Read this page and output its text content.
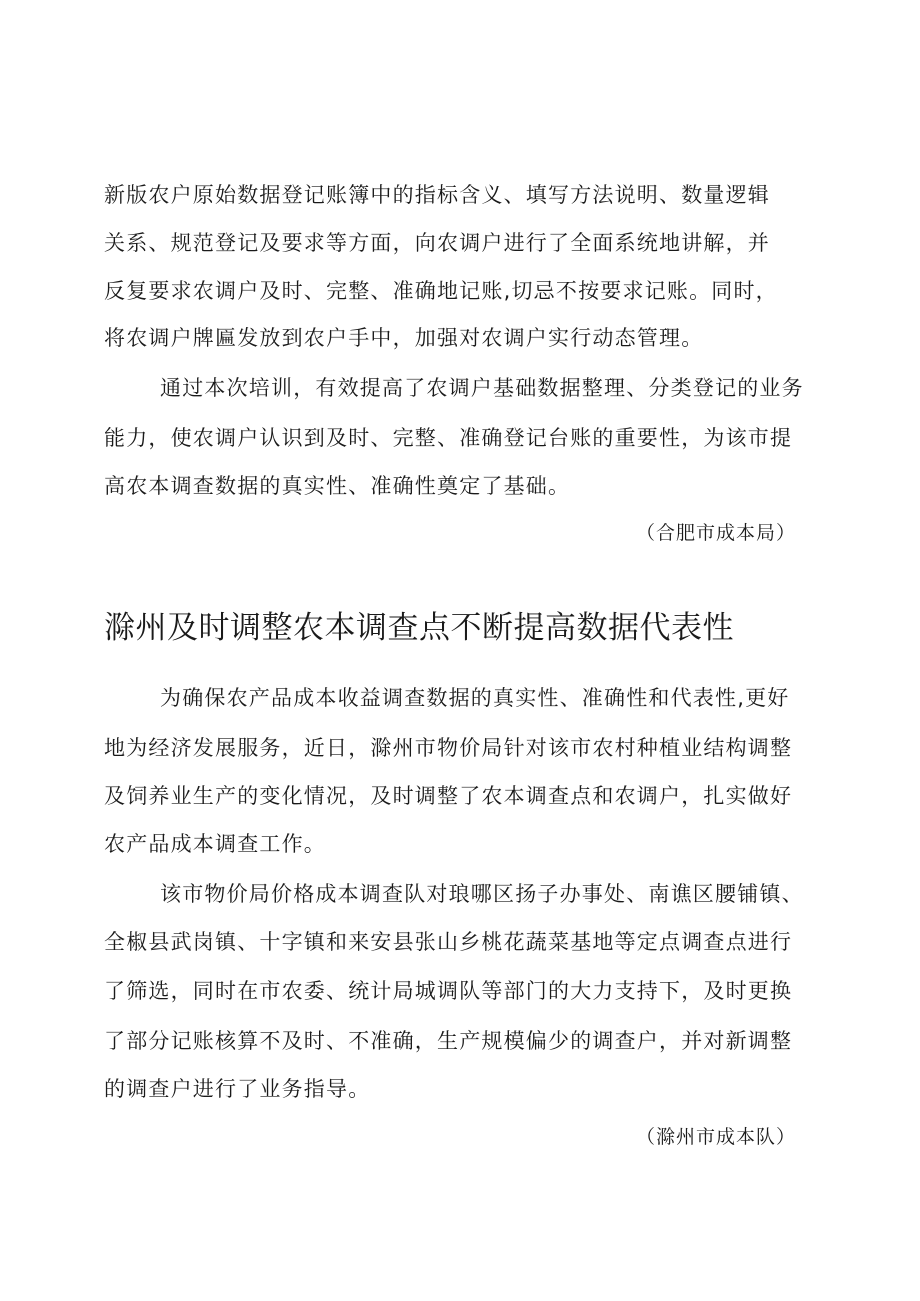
新版农户原始数据登记账簿中的指标含义、填写方法说明、数量逻辑
关系、规范登记及要求等方面，向农调户进行了全面系统地讲解，并
反复要求农调户及时、完整、准确地记账,切忌不按要求记账。同时，
将农调户牌匾发放到农户手中，加强对农调户实行动态管理。
通过本次培训，有效提高了农调户基础数据整理、分类登记的业务
能力，使农调户认识到及时、完整、准确登记台账的重要性，为该市提
高农本调查数据的真实性、准确性奠定了基础。
（合肥市成本局）
滁州及时调整农本调查点不断提高数据代表性
为确保农产品成本收益调查数据的真实性、准确性和代表性,更好
地为经济发展服务，近日，滁州市物价局针对该市农村种植业结构调整
及饲养业生产的变化情况，及时调整了农本调查点和农调户，扎实做好
农产品成本调查工作。
该市物价局价格成本调查队对琅哪区扬子办事处、南谯区腰铺镇、
全椒县武岗镇、十字镇和来安县张山乡桃花蔬菜基地等定点调查点进行
了筛选，同时在市农委、统计局城调队等部门的大力支持下，及时更换
了部分记账核算不及时、不准确，生产规模偏少的调查户，并对新调整
的调查户进行了业务指导。
（滁州市成本队）
